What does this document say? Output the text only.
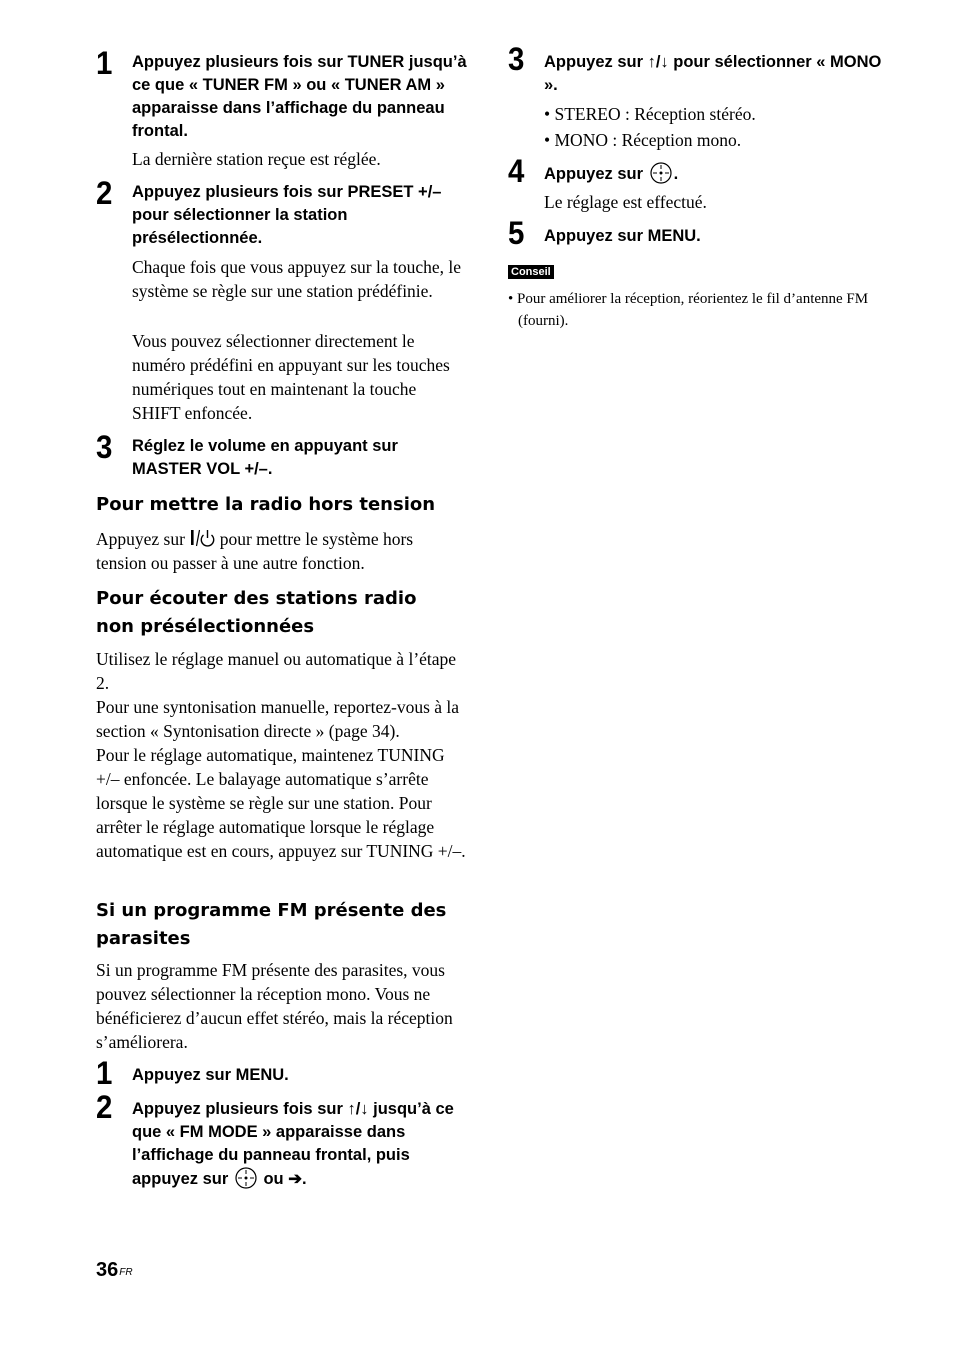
1 Appuyez plusieurs fois sur TUNER jusqu’à ce que « TUNER FM » ou « TUNER AM » apparaisse dans l’affichage du panneau frontal.

La dernière station reçue est réglée.

2 Appuyez plusieurs fois sur PRESET +/– pour sélectionner la station présélectionnée.

Chaque fois que vous appuyez sur la touche, le système se règle sur une station prédéfinie.

Vous pouvez sélectionner directement le numéro prédéfini en appuyant sur les touches numériques tout en maintenant la touche SHIFT enfoncée.

3 Réglez le volume en appuyant sur MASTER VOL +/–.

Pour mettre la radio hors tension

Appuyez sur  pour mettre le système hors tension ou passer à une autre fonction.

Pour écouter des stations radio non présélectionnées

Utilisez le réglage manuel ou automatique à l’étape 2.
Pour une syntonisation manuelle, reportez-vous à la section « Syntonisation directe » (page 34).
Pour le réglage automatique, maintenez TUNING +/– enfoncée. Le balayage automatique s’arrête lorsque le système se règle sur une station. Pour arrêter le réglage automatique lorsque le réglage automatique est en cours, appuyez sur TUNING +/–.

Si un programme FM présente des parasites

Si un programme FM présente des parasites, vous pouvez sélectionner la réception mono. Vous ne bénéficierez d’aucun effet stéréo, mais la réception s’améliorera.

1 Appuyez sur MENU.

2 Appuyez plusieurs fois sur ↑/↓ jusqu’à ce que « FM MODE » apparaisse dans l’affichage du panneau frontal, puis appuyez sur  ou ➔.

3 Appuyez sur ↑/↓ pour sélectionner « MONO ».

• STEREO : Réception stéréo.

• MONO : Réception mono.

4 Appuyez sur .

Le réglage est effectué.

5 Appuyez sur MENU.

Conseil

• Pour améliorer la réception, réorientez le fil d’antenne FM (fourni).

$36^{FR}$
